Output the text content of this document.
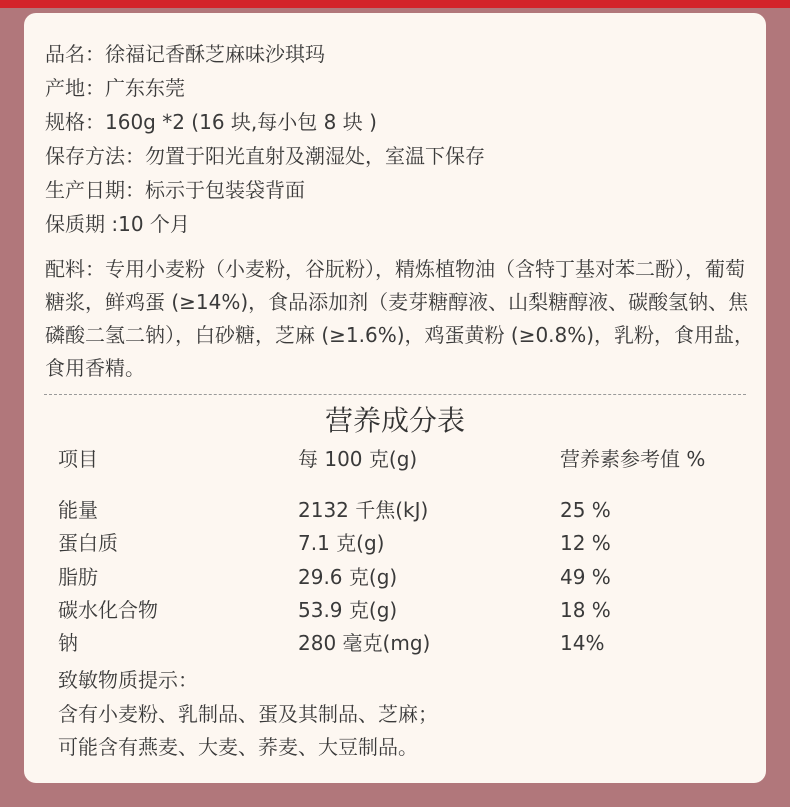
品名：徐福记香酥芝麻味沙琪玛
产地：广东东莞
规格：160g *2 (16 块,每小包 8 块 )
保存方法：勿置于阳光直射及潮湿处，室温下保存
生产日期：标示于包装袋背面
保质期 :10 个月
配料：专用小麦粉（小麦粉，谷朊粉），精炼植物油（含特丁基对苯二酚），葡萄糖浆，鲜鸡蛋 (≥14%)，食品添加剂（麦芽糖醇液、山梨糖醇液、碳酸氢钠、焦磷酸二氢二钠），白砂糖，芝麻 (≥1.6%)，鸡蛋黄粉 (≥0.8%)，乳粉，食用盐，食用香精。
营养成分表
项目	每 100 克(g)	营养素参考值 %
能量	2132 千焦(kJ)	25 %
蛋白质	7.1 克(g)	12 %
脂肪	29.6 克(g)	49 %
碳水化合物	53.9 克(g)	18 %
钠	280 毫克(mg)	14%
致敏物质提示：
含有小麦粉、乳制品、蛋及其制品、芝麻；
可能含有燕麦、大麦、荞麦、大豆制品。
